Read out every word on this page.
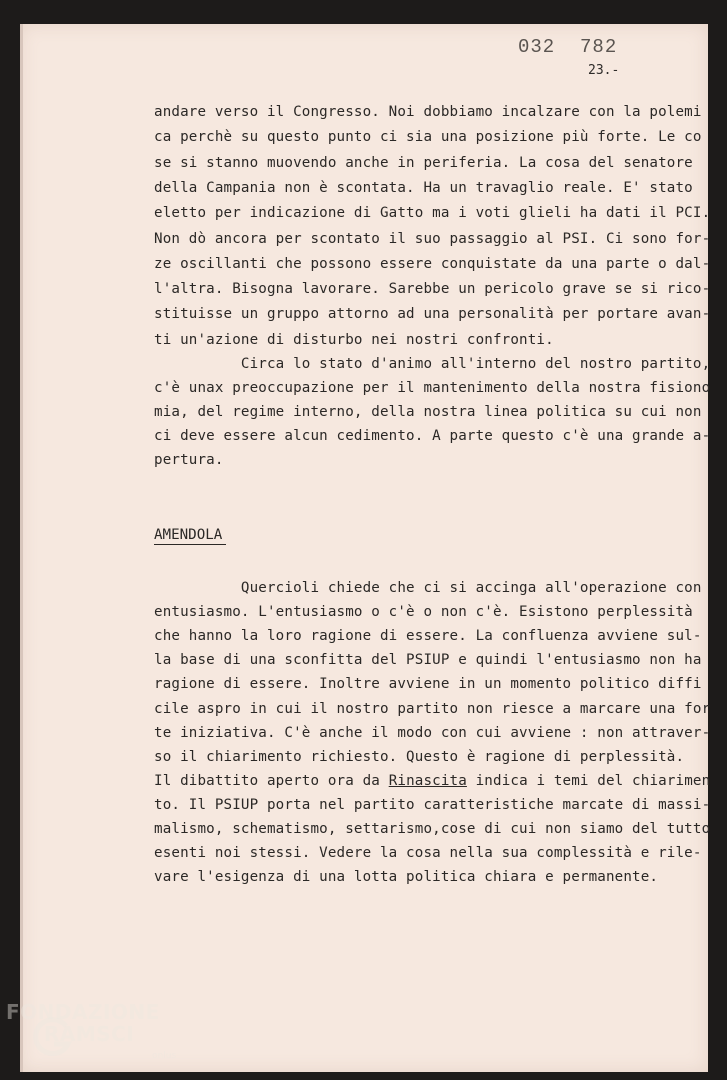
032  782
23.-
andare verso il Congresso. Noi dobbiamo incalzare con la polemi
ca perchè su questo punto ci sia una posizione più forte. Le co
se si stanno muovendo anche in periferia. La cosa del senatore
della Campania non è scontata. Ha un travaglio reale. E' stato
eletto per indicazione di Gatto ma i voti glieli ha dati il PCI.
Non dò ancora per scontato il suo passaggio al PSI. Ci sono for-
ze oscillanti che possono essere conquistate da una parte o dal-
l'altra. Bisogna lavorare. Sarebbe un pericolo grave se si rico-
stituisse un gruppo attorno ad una personalità per portare avan-
ti un'azione di disturbo nei nostri confronti.
Circa lo stato d'animo all'interno del nostro partito,
c'è unax preoccupazione per il mantenimento della nostra fisiono
mia, del regime interno, della nostra linea politica su cui non
ci deve essere alcun cedimento. A parte questo c'è una grande a-
pertura.
AMENDOLA
Quercioli chiede che ci si accinga all'operazione con
entusiasmo. L'entusiasmo o c'è o non c'è. Esistono perplessità
che hanno la loro ragione di essere. La confluenza avviene sul-
la base di una sconfitta del PSIUP e quindi l'entusiasmo non ha
ragione di essere. Inoltre avviene in un momento politico diffi
cile aspro in cui il nostro partito non riesce a marcare una for
te iniziativa. C'è anche il modo con cui avviene : non attraver-
so il chiarimento richiesto. Questo è ragione di perplessità.
Il dibattito aperto ora da Rinascita indica i temi del chiarimen
to. Il PSIUP porta nel partito caratteristiche marcate di massi-
malismo, schematismo, settarismo,cose di cui non siamo del tutto
esenti noi stessi. Vedere la cosa nella sua complessità e rile-
vare l'esigenza di una lotta politica chiara e permanente.
FONDAZIONE
RAMSCI
onlus
